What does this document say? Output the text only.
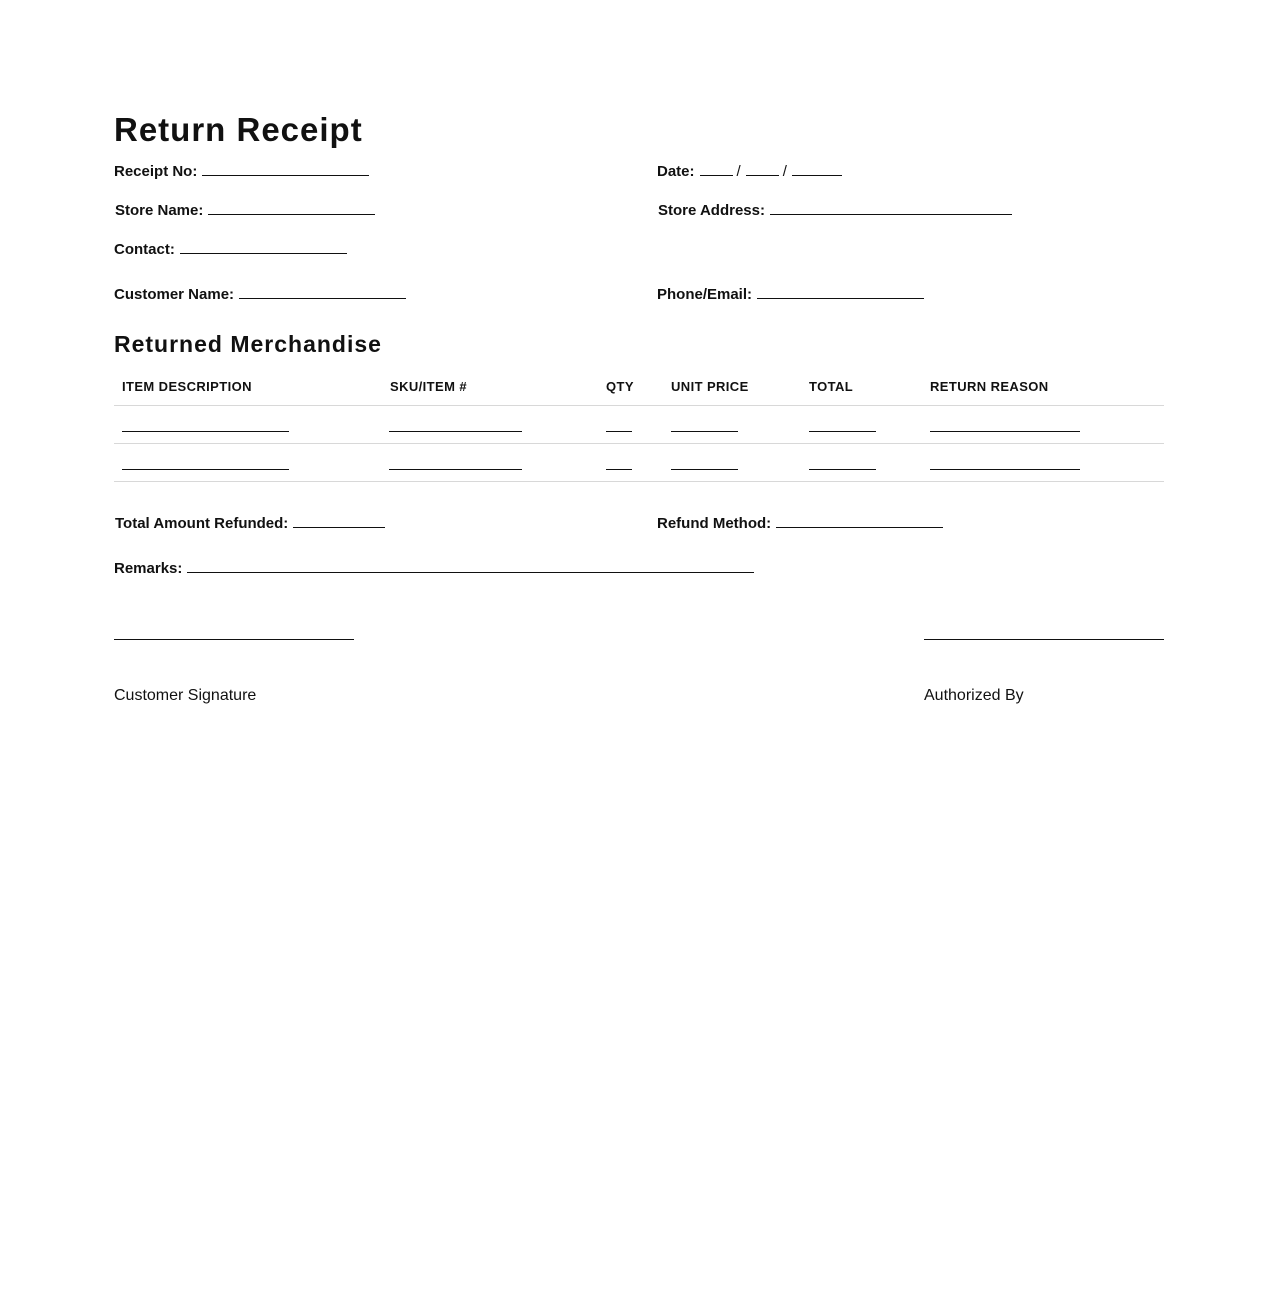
Return Receipt
Receipt No:	Date:	/	/
Store Name:	Store Address:
Contact:
Customer Name:	Phone/Email:
Returned Merchandise
ITEM DESCRIPTION	SKU/ITEM #	QTY	UNIT PRICE	TOTAL	RETURN REASON
Total Amount Refunded:	Refund Method:
Remarks:
Customer Signature	Authorized By
